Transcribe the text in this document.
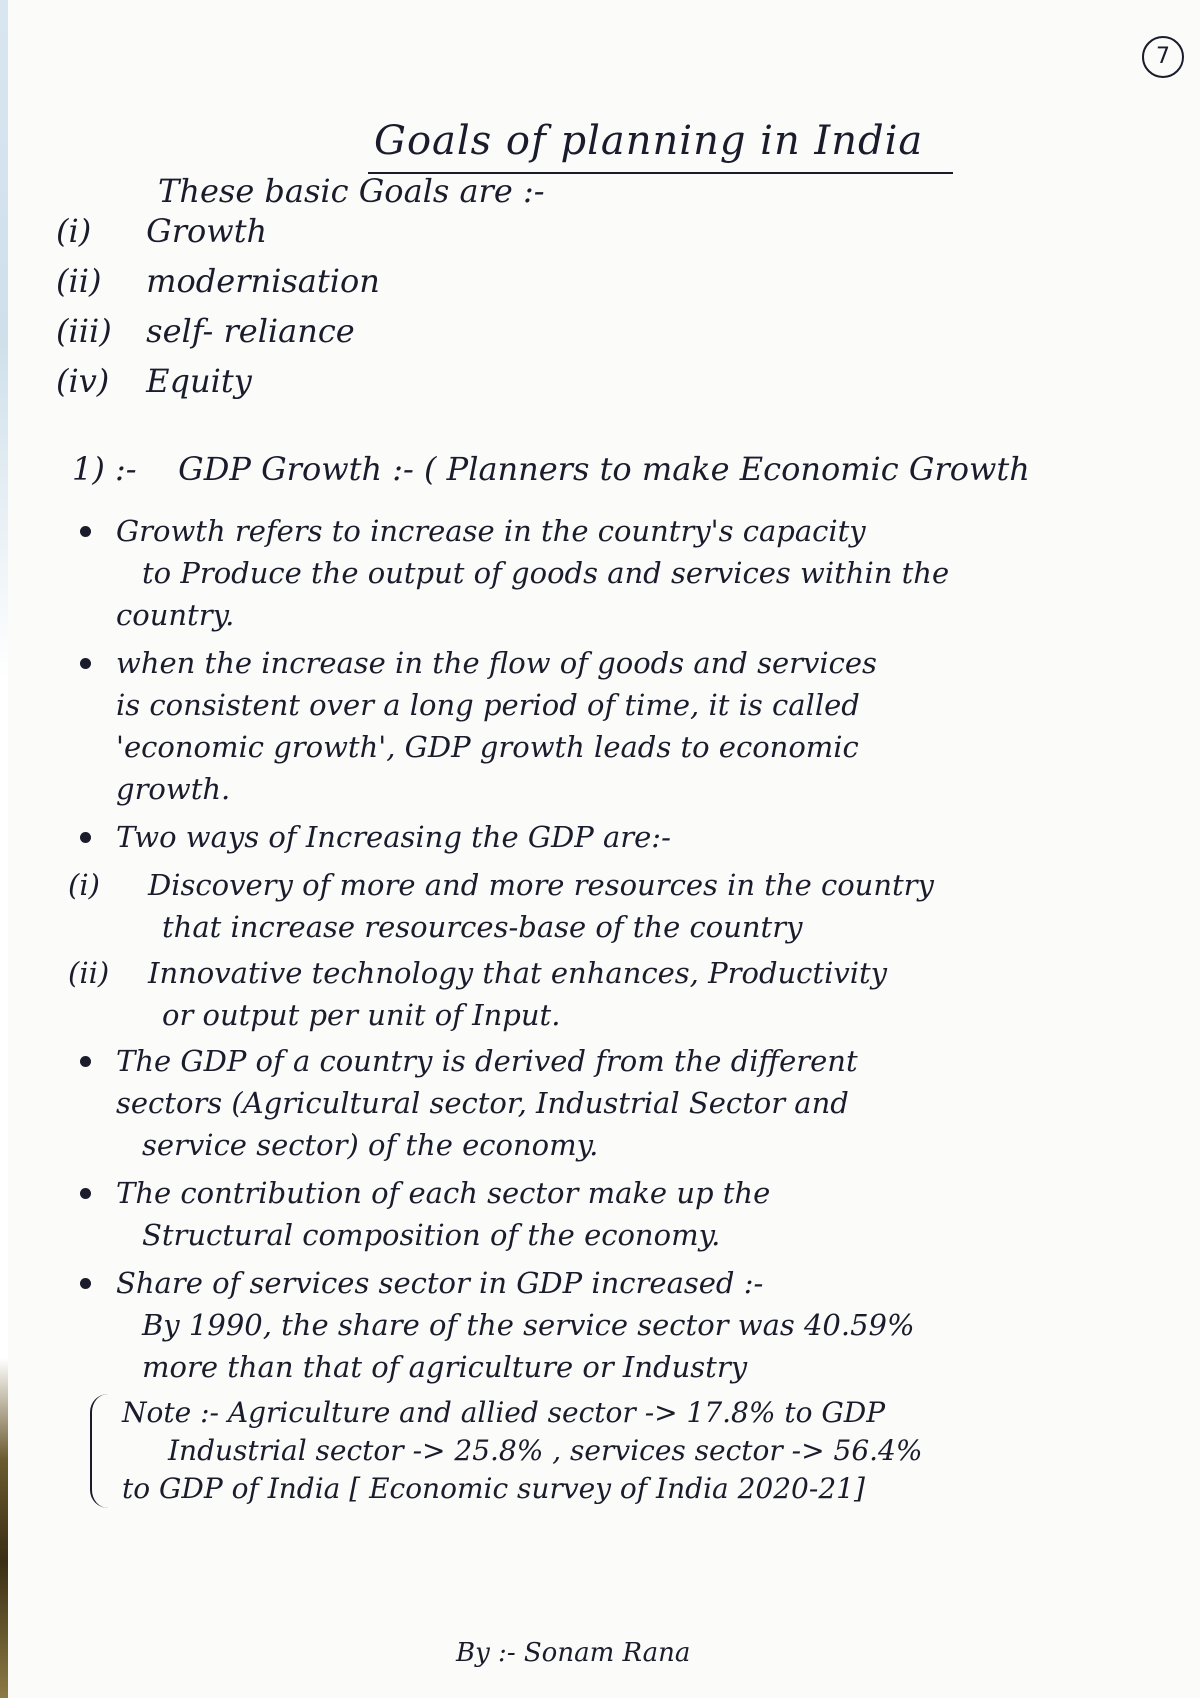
7
Goals of planning in India
These basic Goals are :-
(i) Growth
(ii) modernisation
(iii) self- reliance
(iv) Equity
1) :- GDP Growth :- ( Planners to make Economic Growth
Growth refers to increase in the country's capacity
to Produce the output of goods and services within the
country.
when the increase in the flow of goods and services
is consistent over a long period of time, it is called
'economic growth', GDP growth leads to economic
growth.
Two ways of Increasing the GDP are:-
(i) Discovery of more and more resources in the country
that increase resources-base of the country
(ii) Innovative technology that enhances, Productivity
or output per unit of Input.
The GDP of a country is derived from the different
sectors (Agricultural sector, Industrial Sector and
service sector) of the economy.
The contribution of each sector make up the
Structural composition of the economy.
Share of services sector in GDP increased :-
By 1990, the share of the service sector was 40.59%
more than that of agriculture or Industry
Note :- Agriculture and allied sector -> 17.8% to GDP
Industrial sector -> 25.8% , services sector -> 56.4%
to GDP of India [ Economic survey of India 2020-21]
By :- Sonam Rana
